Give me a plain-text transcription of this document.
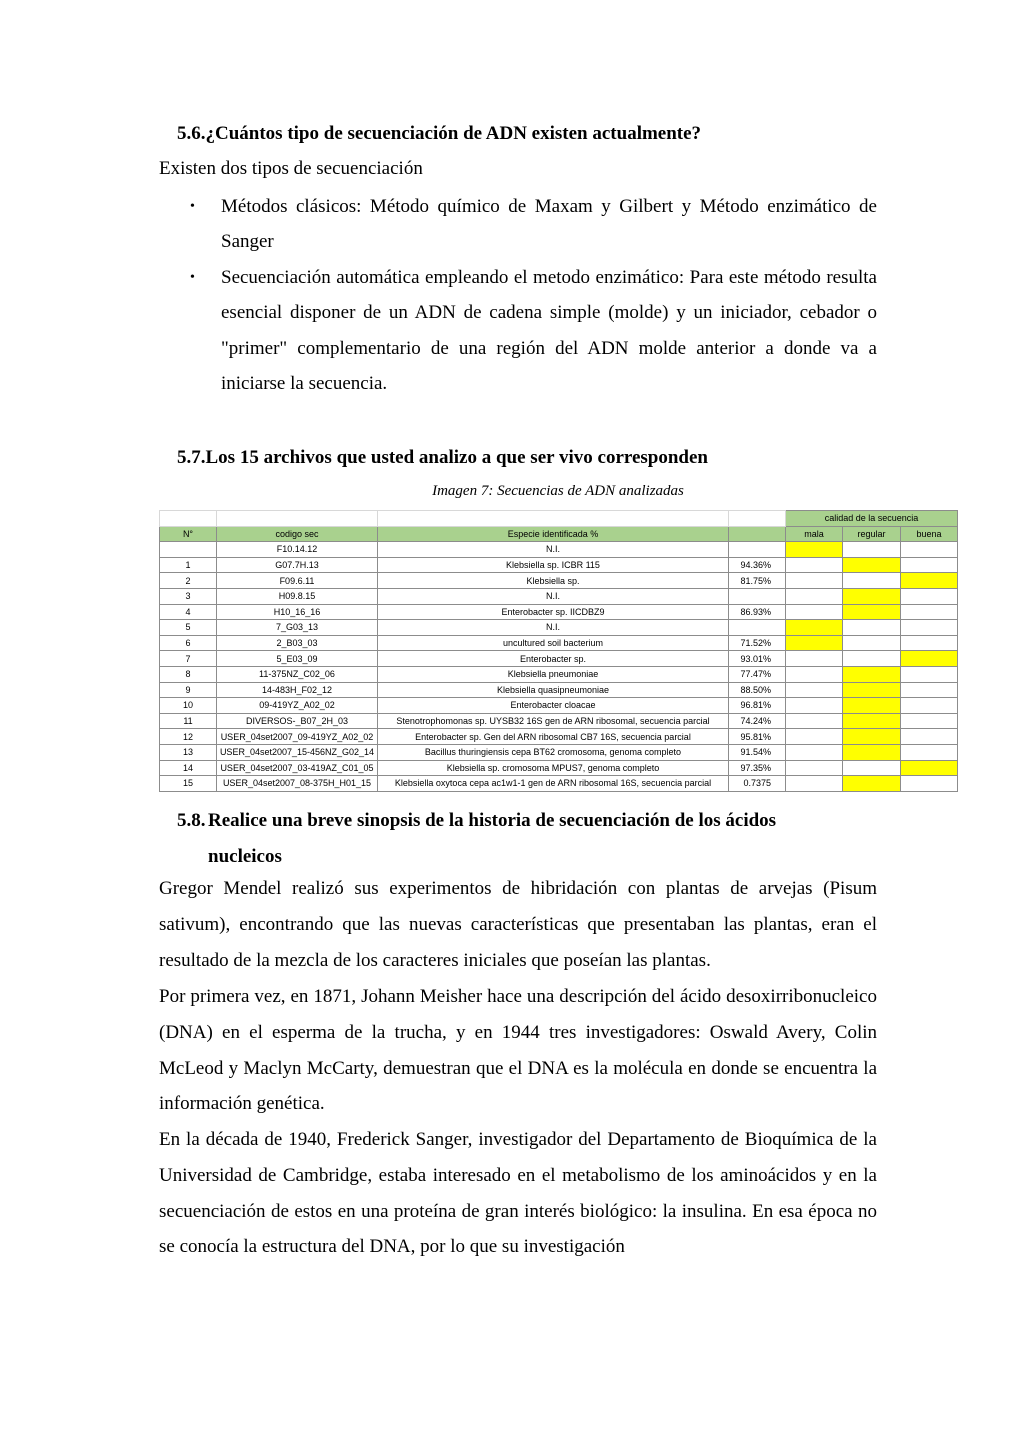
5.6.¿Cuántos tipo de secuenciación de ADN existen actualmente?

Existen dos tipos de secuenciación

• Métodos clásicos: Método químico de Maxam y Gilbert y Método enzimático de Sanger
• Secuenciación automática empleando el metodo enzimático: Para este método resulta esencial disponer de un ADN de cadena simple (molde) y un iniciador, cebador o "primer" complementario de una región del ADN molde anterior a donde va a iniciarse la secuencia.
5.7.Los 15 archivos que usted analizo a que ser vivo corresponden

Imagen 7: Secuencias de ADN analizadas

				calidad de la secuencia		
N°	codigo sec	Especie identificada %		mala	regular	buena
	F10.14.12	N.I.				
1	G07.7H.13	Klebsiella sp. ICBR 115	94.36%			
2	F09.6.11	Klebsiella sp.	81.75%			
3	H09.8.15	N.I.				
4	H10_16_16	Enterobacter sp. IICDBZ9	86.93%			
5	7_G03_13	N.I.				
6	2_B03_03	uncultured soil bacterium	71.52%			
7	5_E03_09	Enterobacter sp.	93.01%			
8	11-375NZ_C02_06	Klebsiella pneumoniae	77.47%			
9	14-483H_F02_12	Klebsiella quasipneumoniae	88.50%			
10	09-419YZ_A02_02	Enterobacter cloacae	96.81%			
11	DIVERSOS-_B07_2H_03	Stenotrophomonas sp. UYSB32 16S gen de ARN ribosomal, secuencia parcial	74.24%			
12	USER_04set2007_09-419YZ_A02_02	Enterobacter sp. Gen del ARN ribosomal CB7 16S, secuencia parcial	95.81%			
13	USER_04set2007_15-456NZ_G02_14	Bacillus thuringiensis cepa BT62 cromosoma, genoma completo	91.54%			
14	USER_04set2007_03-419AZ_C01_05	Klebsiella sp. cromosoma MPUS7, genoma completo	97.35%			
15	USER_04set2007_08-375H_H01_15	Klebsiella oxytoca cepa ac1w1-1 gen de ARN ribosomal 16S, secuencia parcial	0.7375			
5.8. Realice una breve sinopsis de la historia de secuenciación de los ácidos
nucleicos

Gregor Mendel realizó sus experimentos de hibridación con plantas de arvejas (Pisum sativum), encontrando que las nuevas características que presentaban las plantas, eran el resultado de la mezcla de los caracteres iniciales que poseían las plantas.

Por primera vez, en 1871, Johann Meisher hace una descripción del ácido desoxirribonucleico (DNA) en el esperma de la trucha, y en 1944 tres investigadores: Oswald Avery, Colin McLeod y Maclyn McCarty, demuestran que el DNA es la molécula en donde se encuentra la información genética.

En la década de 1940, Frederick Sanger, investigador del Departamento de Bioquímica de la Universidad de Cambridge, estaba interesado en el metabolismo de los aminoácidos y en la secuenciación de estos en una proteína de gran interés biológico: la insulina. En esa época no se conocía la estructura del DNA, por lo que su investigación
